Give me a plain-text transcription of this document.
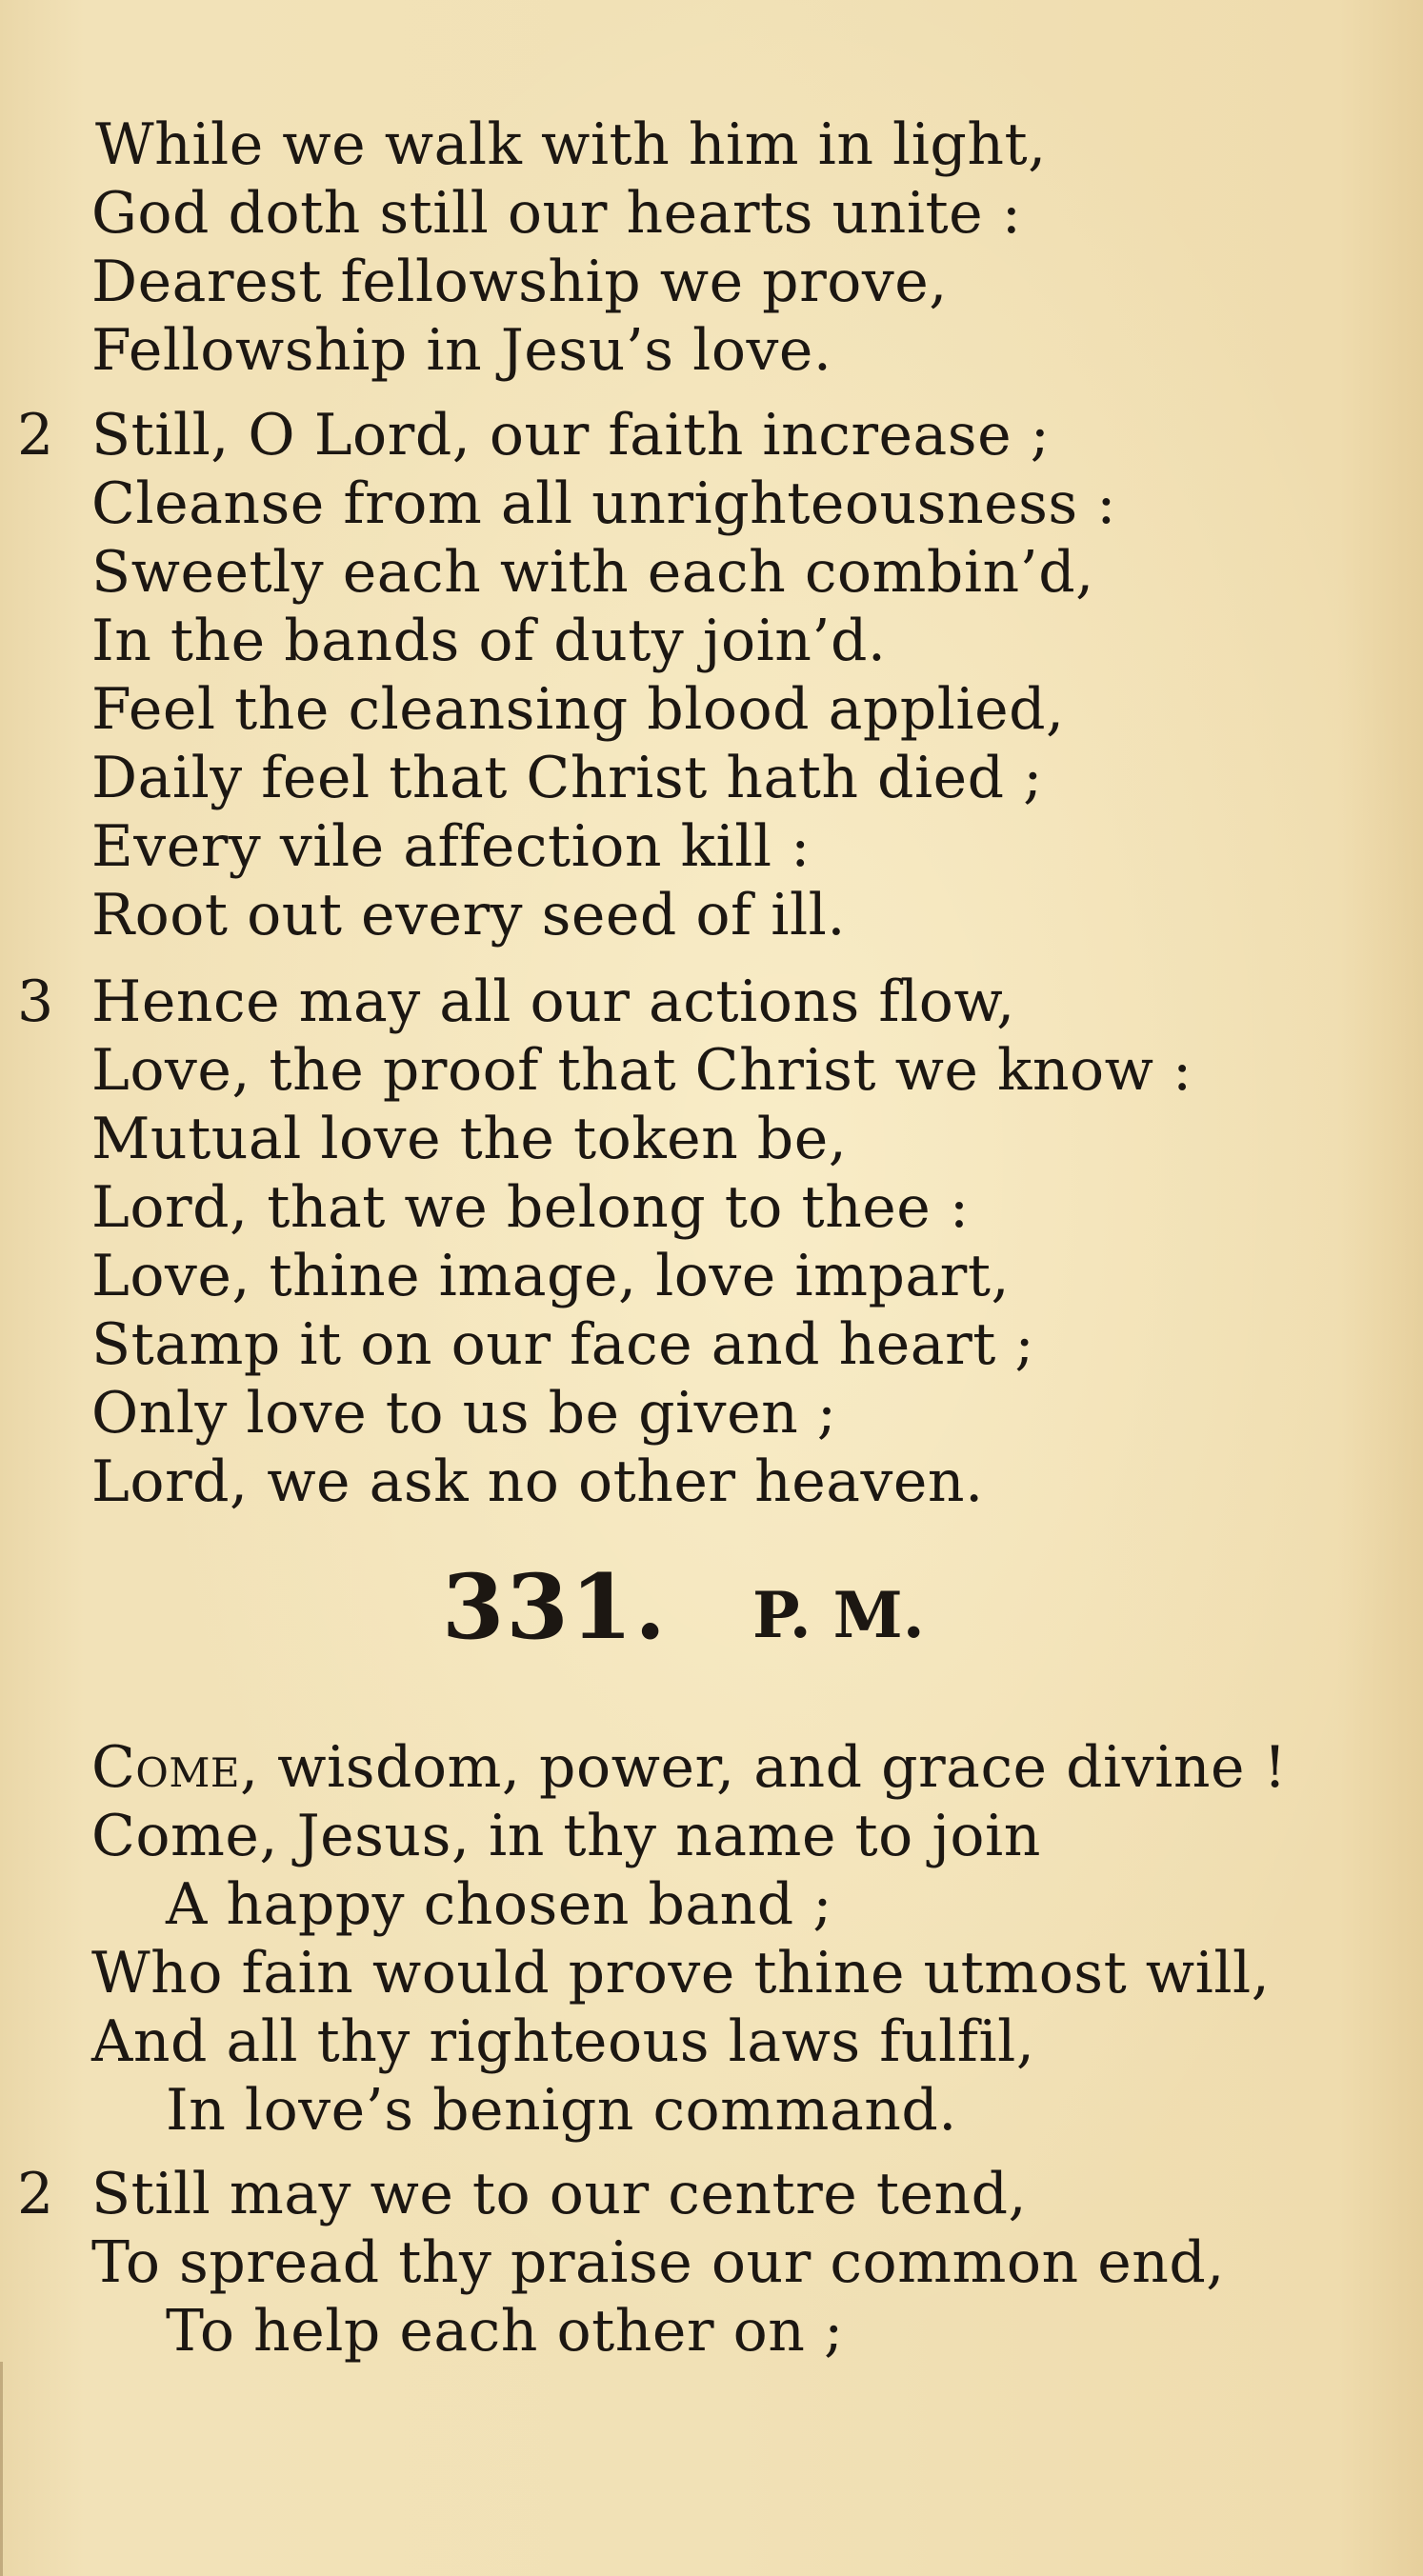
While we walk with him in light,
God doth still our hearts unite :
Dearest fellowship we prove,
Fellowship in Jesu’s love.
2 Still, O Lord, our faith increase ;
Cleanse from all unrighteousness :
Sweetly each with each combin’d,
In the bands of duty join’d.
Feel the cleansing blood applied,
Daily feel that Christ hath died ;
Every vile affection kill :
Root out every seed of ill.
3 Hence may all our actions flow,
Love, the proof that Christ we know :
Mutual love the token be,
Lord, that we belong to thee :
Love, thine image, love impart,
Stamp it on our face and heart ;
Only love to us be given ;
Lord, we ask no other heaven.
331. P. M.
Come, wisdom, power, and grace divine !
Come, Jesus, in thy name to join
A happy chosen band ;
Who fain would prove thine utmost will,
And all thy righteous laws fulfil,
In love’s benign command.
2 Still may we to our centre tend,
To spread thy praise our common end,
To help each other on ;
